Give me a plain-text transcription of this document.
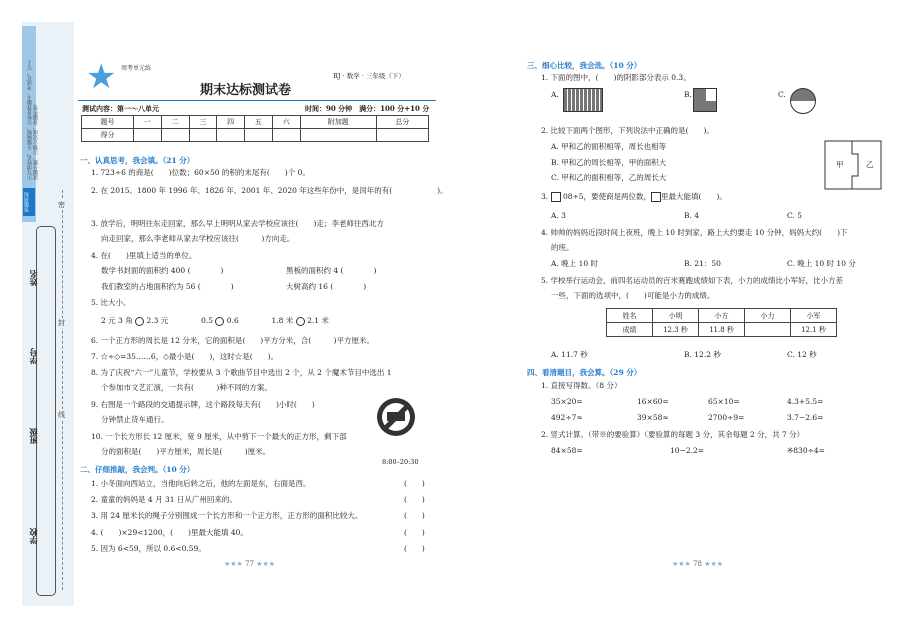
①写清姓名、专题编辑。②检查答题卡、考试号，写上试题分数。③独立完成，各题作答。
答题须知
学校
班级
学号
姓名
密
封
线
★ 周考单元练
RJ · 数学 · 三年级（下）
期末达标测试卷
测试内容：第一～八单元	时间：90 分钟　满分：100 分+10 分
题号	一	二	三	四	五	六	附加题	总分
得分								
一、认真思考，我会填。（21 分）
1. 723÷6 的商是(　　)位数；60×50 的积的末尾有(　　)个 0。
2. 在 2015、1800 年 1996 年、1826 年、2001 年、2020 年这些年份中，是闰年的有(　　　　　　)。
3. 放学后，明明往东走回家，那么早上明明从家去学校应该往(　　)走；李老师往西北方
向走回家，那么李老师从家去学校应该往(　　　)方向走。
4. 在(　　)里填上适当的单位。
数学书封面的面积约 400 (　　　　)	黑板的面积约 4 (　　　　)
我们教室的占地面积约为 56 (　　　　)	大树高约 16 (　　　　)
5. 比大小。
2 元 3 角 2.3 元	0.5 0.6	1.8 米 2.1 米
6. 一个正方形的周长是 12 分米，它的面积是(　　)平方分米，合(　　　)平方厘米。
7. ☆÷◇=35……6，◇最小是(　　)，这时☆是(　　)。
8. 为了庆祝“六一”儿童节，学校要从 3 个歌曲节目中选出 2 个，从 2 个魔术节目中选出 1
个参加市文艺汇演，一共有(　　　)种不同的方案。
9. 右图是一个路段的交通提示牌，这个路段每天有(　　)小时(　　)
分钟禁止货车通行。
10. 一个长方形长 12 厘米，宽 9 厘米，从中剪下一个最大的正方形，剩下部
分的面积是(　　)平方厘米，周长是(　　　)厘米。
8:00–20:30
二、仔细推敲，我会判。（10 分）
1. 小冬面向西站立，当他向后转之后，他的左面是东，右面是西。
2. 童童的妈妈是 4 月 31 日从广州回来的。
3. 用 24 厘米长的绳子分别围成一个长方形和一个正方形，正方形的面积比较大。
4. (　　)×29<1200，(　　)里最大能填 40。
5. 因为 6<59，所以 0.6<0.59。
(　　)
(　　)
(　　)
(　　)
(　　)
★★★ 77 ★★★
三、细心比较，我会选。（10 分）
1. 下面的图中，(　　)的阴影部分表示 0.3。
A.	B.	C.
2. 比较下面两个图形，下列说法中正确的是(　　)。
A. 甲和乙的面积相等，周长也相等
B. 甲和乙的周长相等，甲的面积大
C. 甲和乙的面积相等，乙的周长大
甲	乙
3. 08÷5，要使商是两位数， 里最大能填(　　)。
A. 3	B. 4	C. 5
4. 帅帅的妈妈近段时间上夜班，晚上 10 时到家，路上大约要走 10 分钟，妈妈大约(　　)下
的班。
A. 晚上 10 时	B. 21：50	C. 晚上 10 时 10 分
5. 学校举行运动会，前四名运动员的百米赛跑成绩如下表，小力的成绩比小军好，比小方差
一些，下面的选项中，(　　)可能是小力的成绩。
姓名	小明	小方	小力	小军
成绩	12.3 秒	11.8 秒		12.1 秒
A. 11.7 秒	B. 12.2 秒	C. 12 秒
四、看清题目，我会算。（29 分）
1. 直接写得数。（8 分）
35×20=	16×60=	65×10=	4.3+5.5=
492÷7≈	39×58≈	2700÷9=	3.7−2.6=
2. 竖式计算。（带※的要验算）（要验算的每题 3 分，其余每题 2 分，共 7 分）
84×58=	10−2.2=	※830÷4=
★★★ 78 ★★★
